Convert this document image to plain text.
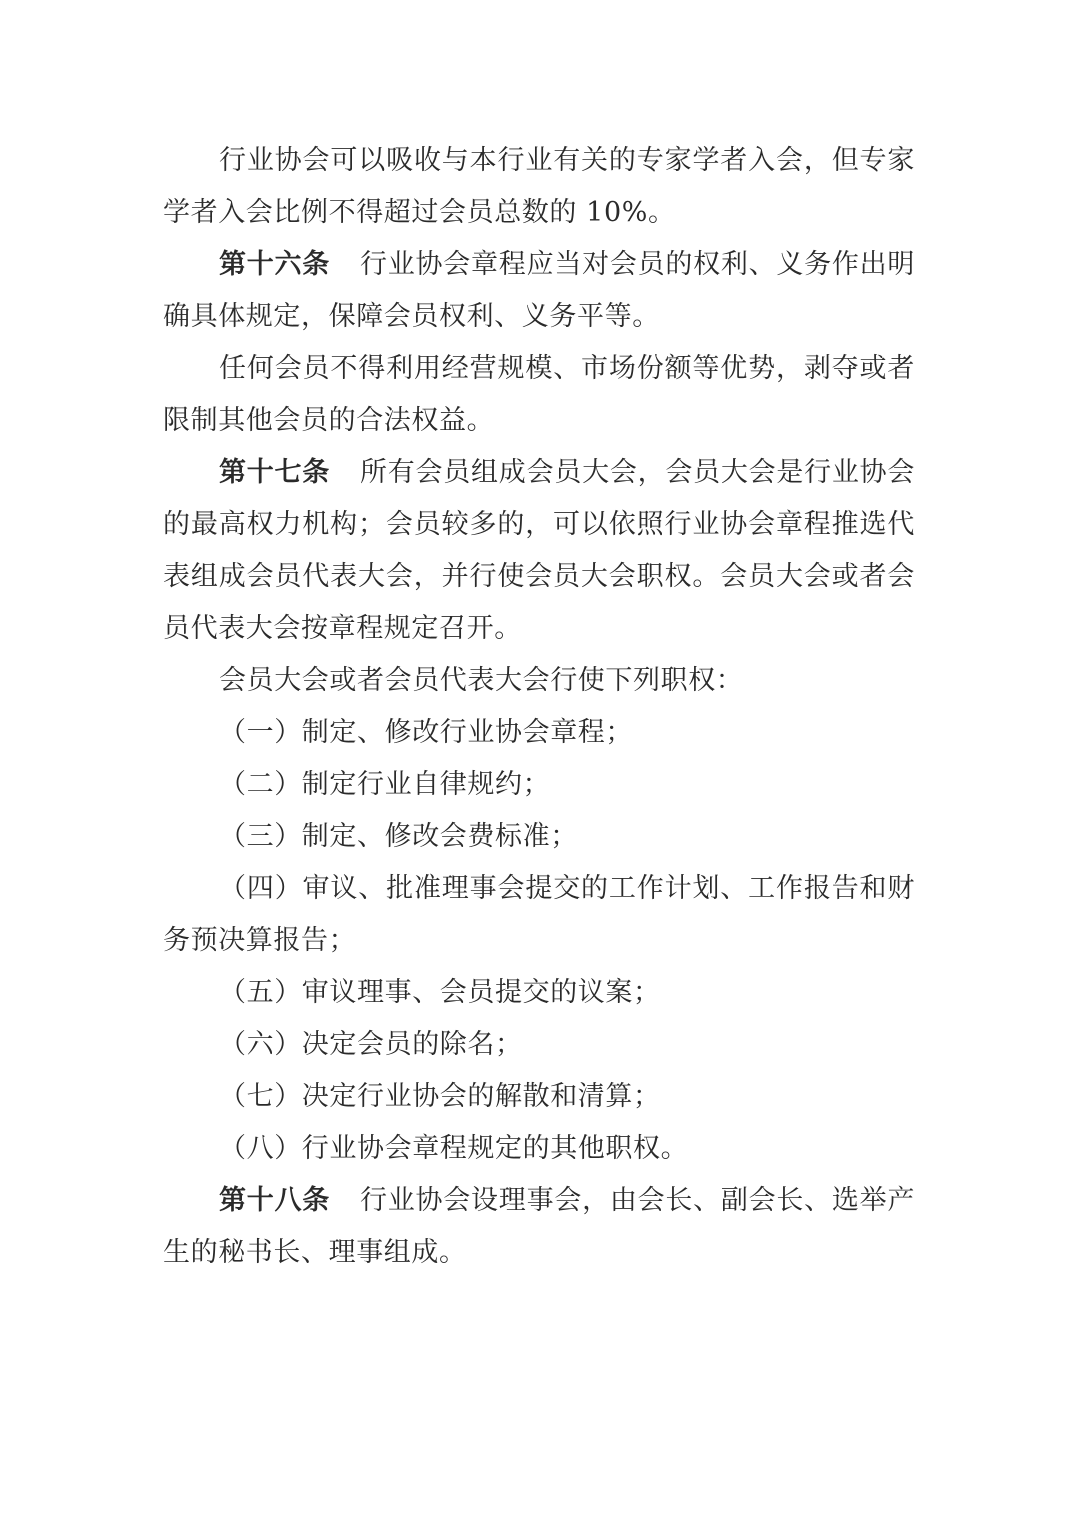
行业协会可以吸收与本行业有关的专家学者入会，但专家学者入会比例不得超过会员总数的 10%。

第十六条 行业协会章程应当对会员的权利、义务作出明确具体规定，保障会员权利、义务平等。

任何会员不得利用经营规模、市场份额等优势，剥夺或者限制其他会员的合法权益。

第十七条 所有会员组成会员大会，会员大会是行业协会的最高权力机构；会员较多的，可以依照行业协会章程推选代表组成会员代表大会，并行使会员大会职权。会员大会或者会员代表大会按章程规定召开。

会员大会或者会员代表大会行使下列职权：

（一）制定、修改行业协会章程；

（二）制定行业自律规约；

（三）制定、修改会费标准；

（四）审议、批准理事会提交的工作计划、工作报告和财务预决算报告；

（五）审议理事、会员提交的议案；

（六）决定会员的除名；

（七）决定行业协会的解散和清算；

（八）行业协会章程规定的其他职权。

第十八条 行业协会设理事会，由会长、副会长、选举产生的秘书长、理事组成。
